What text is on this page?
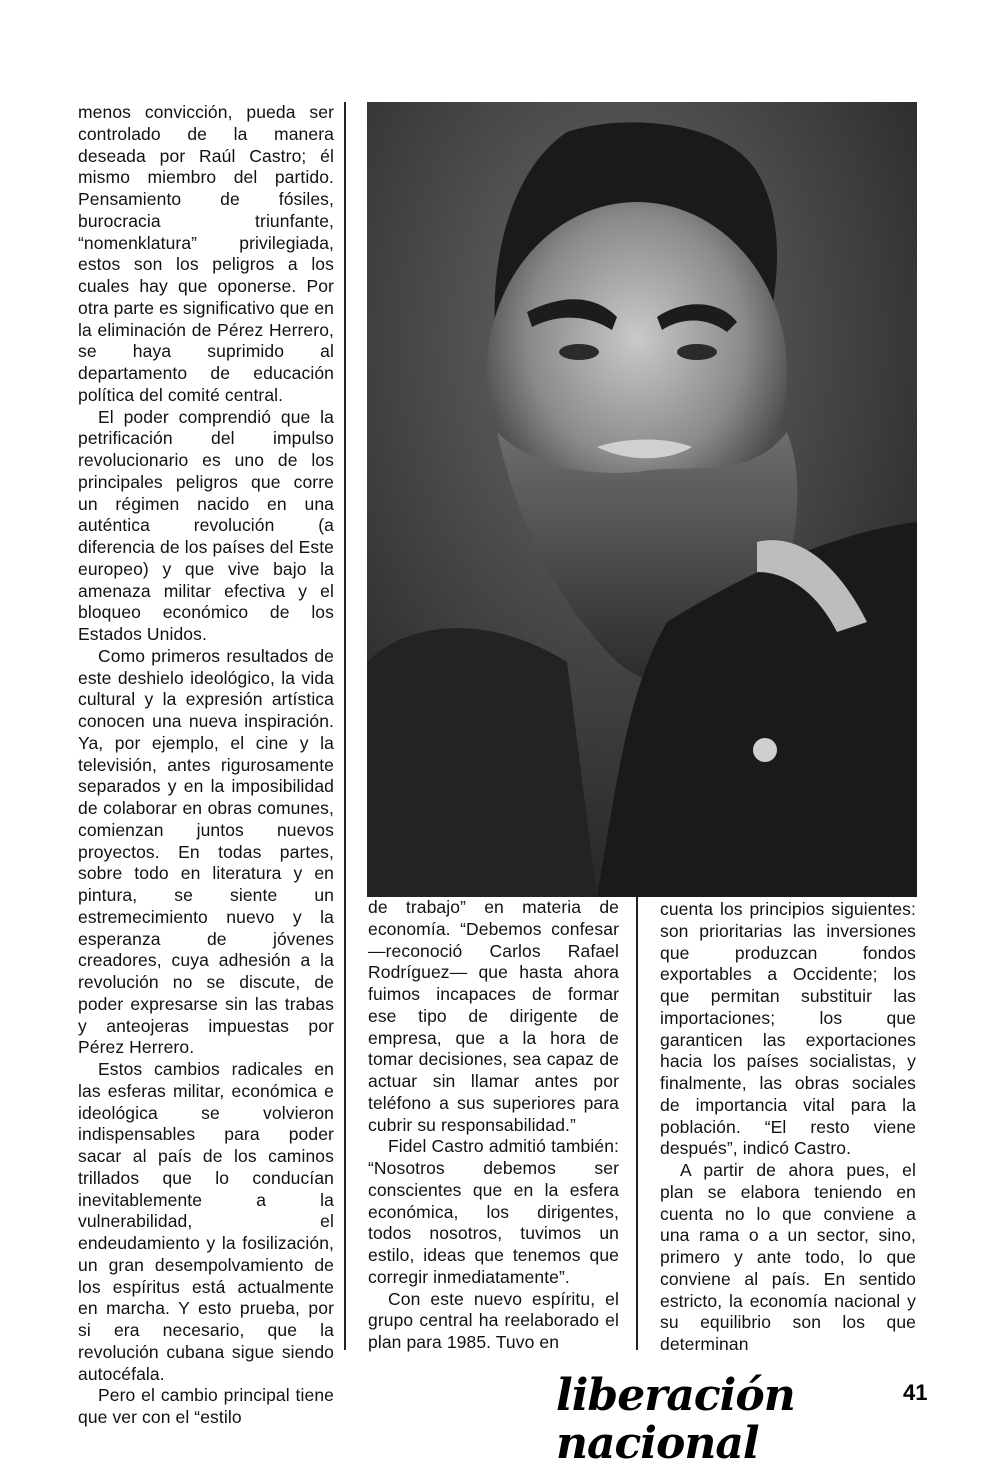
menos convicción, pueda ser controlado de la manera deseada por Raúl Castro; él mismo miembro del partido. Pensamiento de fósiles, burocracia triunfante, “nomenklatura” privilegiada, estos son los peligros a los cuales hay que oponerse. Por otra parte es significativo que en la eliminación de Pérez Herrero, se haya suprimido al departamento de educación política del comité central.

El poder comprendió que la petrificación del impulso revolucionario es uno de los principales peligros que corre un régimen nacido en una auténtica revolución (a diferencia de los países del Este europeo) y que vive bajo la amenaza militar efectiva y el bloqueo económico de los Estados Unidos.

Como primeros resultados de este deshielo ideológico, la vida cultural y la expresión artística conocen una nueva inspiración. Ya, por ejemplo, el cine y la televisión, antes rigurosamente separados y en la imposibilidad de colaborar en obras comunes, comienzan juntos nuevos proyectos. En todas partes, sobre todo en literatura y en pintura, se siente un estremecimiento nuevo y la esperanza de jóvenes creadores, cuya adhesión a la revolución no se discute, de poder expresarse sin las trabas y anteojeras impuestas por Pérez Herrero.

Estos cambios radicales en las esferas militar, económica e ideológica se volvieron indispensables para poder sacar al país de los caminos trillados que lo conducían inevitablemente a la vulnerabilidad, el endeudamiento y la fosilización, un gran desempolvamiento de los espíritus está actualmente en marcha. Y esto prueba, por si era necesario, que la revolución cubana sigue siendo autocéfala.

Pero el cambio principal tiene que ver con el “estilo

de trabajo” en materia de economía. “Debemos confesar —reconoció Carlos Rafael Rodríguez— que hasta ahora fuimos incapaces de formar ese tipo de dirigente de empresa, que a la hora de tomar decisiones, sea capaz de actuar sin llamar antes por teléfono a sus superiores para cubrir su responsabilidad.”

Fidel Castro admitió también: “Nosotros debemos ser conscientes que en la esfera económica, los dirigentes, todos nosotros, tuvimos un estilo, ideas que tenemos que corregir inmediatamente”.

Con este nuevo espíritu, el grupo central ha reelaborado el plan para 1985. Tuvo en

cuenta los principios siguientes: son prioritarias las inversiones que produzcan fondos exportables a Occidente; los que permitan substituir las importaciones; los que garanticen las exportaciones hacia los países socialistas, y finalmente, las obras sociales de importancia vital para la población. “El resto viene después”, indicó Castro.

A partir de ahora pues, el plan se elabora teniendo en cuenta no lo que conviene a una rama o a un sector, sino, primero y ante todo, lo que conviene al país. En sentido estricto, la economía nacional y su equilibrio son los que determinan

liberación nacional
41
